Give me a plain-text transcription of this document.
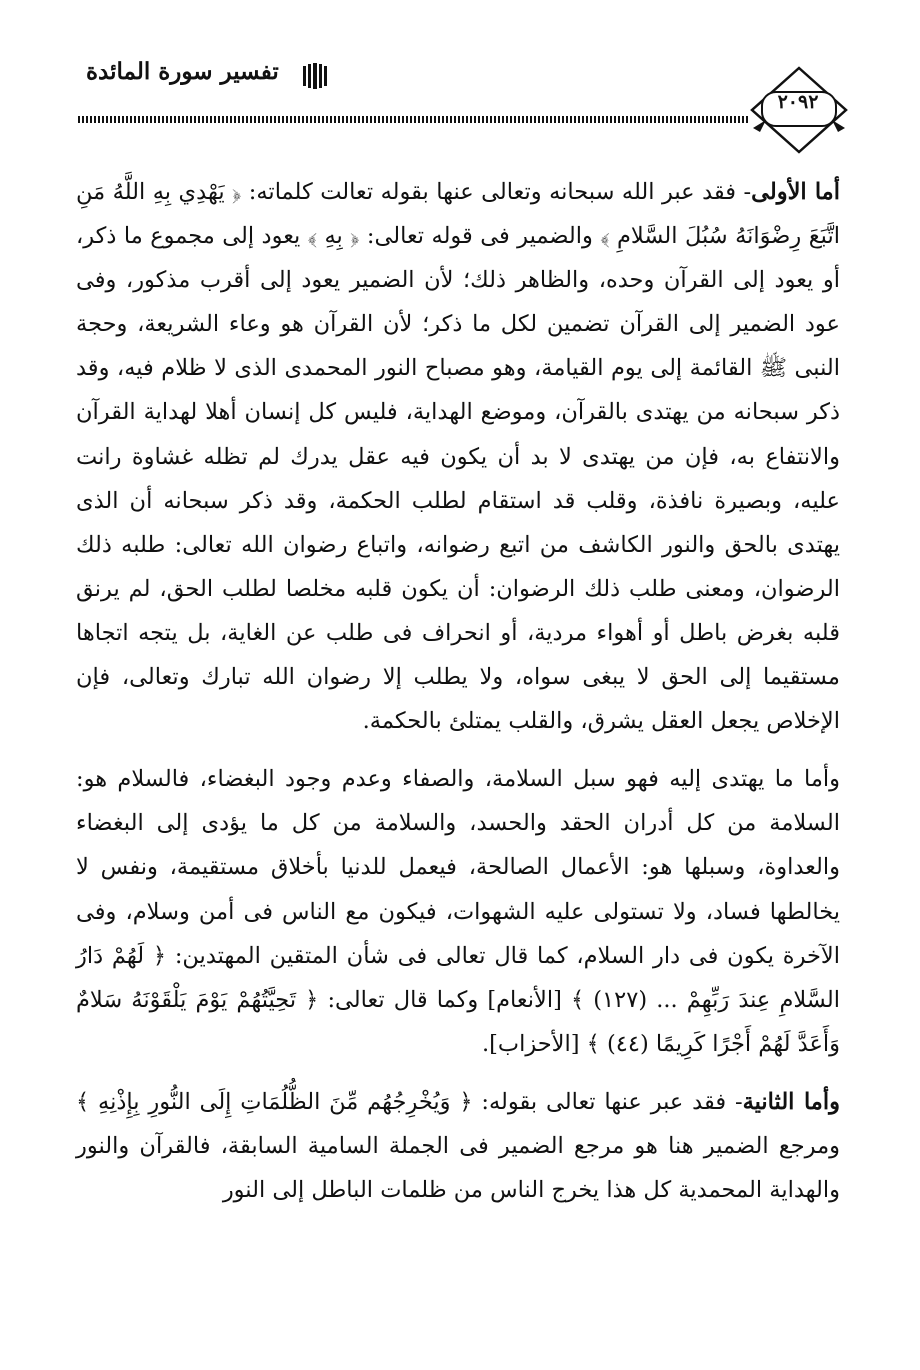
تفسير سورة المائدة
٢٠٩٢

أما الأولى- فقد عبر الله سبحانه وتعالى عنها بقوله تعالت كلماته: ﴿ يَهْدِي بِهِ اللَّهُ مَنِ اتَّبَعَ رِضْوَانَهُ سُبُلَ السَّلامِ ﴾ والضمير فى قوله تعالى: ﴿ بِهِ ﴾ يعود إلى مجموع ما ذكر، أو يعود إلى القرآن وحده، والظاهر ذلك؛ لأن الضمير يعود إلى أقرب مذكور، وفى عود الضمير إلى القرآن تضمين لكل ما ذكر؛ لأن القرآن هو وعاء الشريعة، وحجة النبى ﷺ القائمة إلى يوم القيامة، وهو مصباح النور المحمدى الذى لا ظلام فيه، وقد ذكر سبحانه من يهتدى بالقرآن، وموضع الهداية، فليس كل إنسان أهلا لهداية القرآن والانتفاع به، فإن من يهتدى لا بد أن يكون فيه عقل يدرك لم تظله غشاوة رانت عليه، وبصيرة نافذة، وقلب قد استقام لطلب الحكمة، وقد ذكر سبحانه أن الذى يهتدى بالحق والنور الكاشف من اتبع رضوانه، واتباع رضوان الله تعالى: طلبه ذلك الرضوان، ومعنى طلب ذلك الرضوان: أن يكون قلبه مخلصا لطلب الحق، لم يرنق قلبه بغرض باطل أو أهواء مردية، أو انحراف فى طلب عن الغاية، بل يتجه اتجاها مستقيما إلى الحق لا يبغى سواه، ولا يطلب إلا رضوان الله تبارك وتعالى، فإن الإخلاص يجعل العقل يشرق، والقلب يمتلئ بالحكمة.

وأما ما يهتدى إليه فهو سبل السلامة، والصفاء وعدم وجود البغضاء، فالسلام هو: السلامة من كل أدران الحقد والحسد، والسلامة من كل ما يؤدى إلى البغضاء والعداوة، وسبلها هو: الأعمال الصالحة، فيعمل للدنيا بأخلاق مستقيمة، ونفس لا يخالطها فساد، ولا تستولى عليه الشهوات، فيكون مع الناس فى أمن وسلام، وفى الآخرة يكون فى دار السلام، كما قال تعالى فى شأن المتقين المهتدين: ﴿ لَهُمْ دَارُ السَّلامِ عِندَ رَبِّهِمْ ... (١٢٧) ﴾ [الأنعام] وكما قال تعالى: ﴿ تَحِيَّتُهُمْ يَوْمَ يَلْقَوْنَهُ سَلامٌ وَأَعَدَّ لَهُمْ أَجْرًا كَرِيمًا (٤٤) ﴾ [الأحزاب].

وأما الثانية- فقد عبر عنها تعالى بقوله: ﴿ وَيُخْرِجُهُم مِّنَ الظُّلُمَاتِ إِلَى النُّورِ بِإِذْنِهِ ﴾ ومرجع الضمير هنا هو مرجع الضمير فى الجملة السامية السابقة، فالقرآن والنور والهداية المحمدية كل هذا يخرج الناس من ظلمات الباطل إلى النور
